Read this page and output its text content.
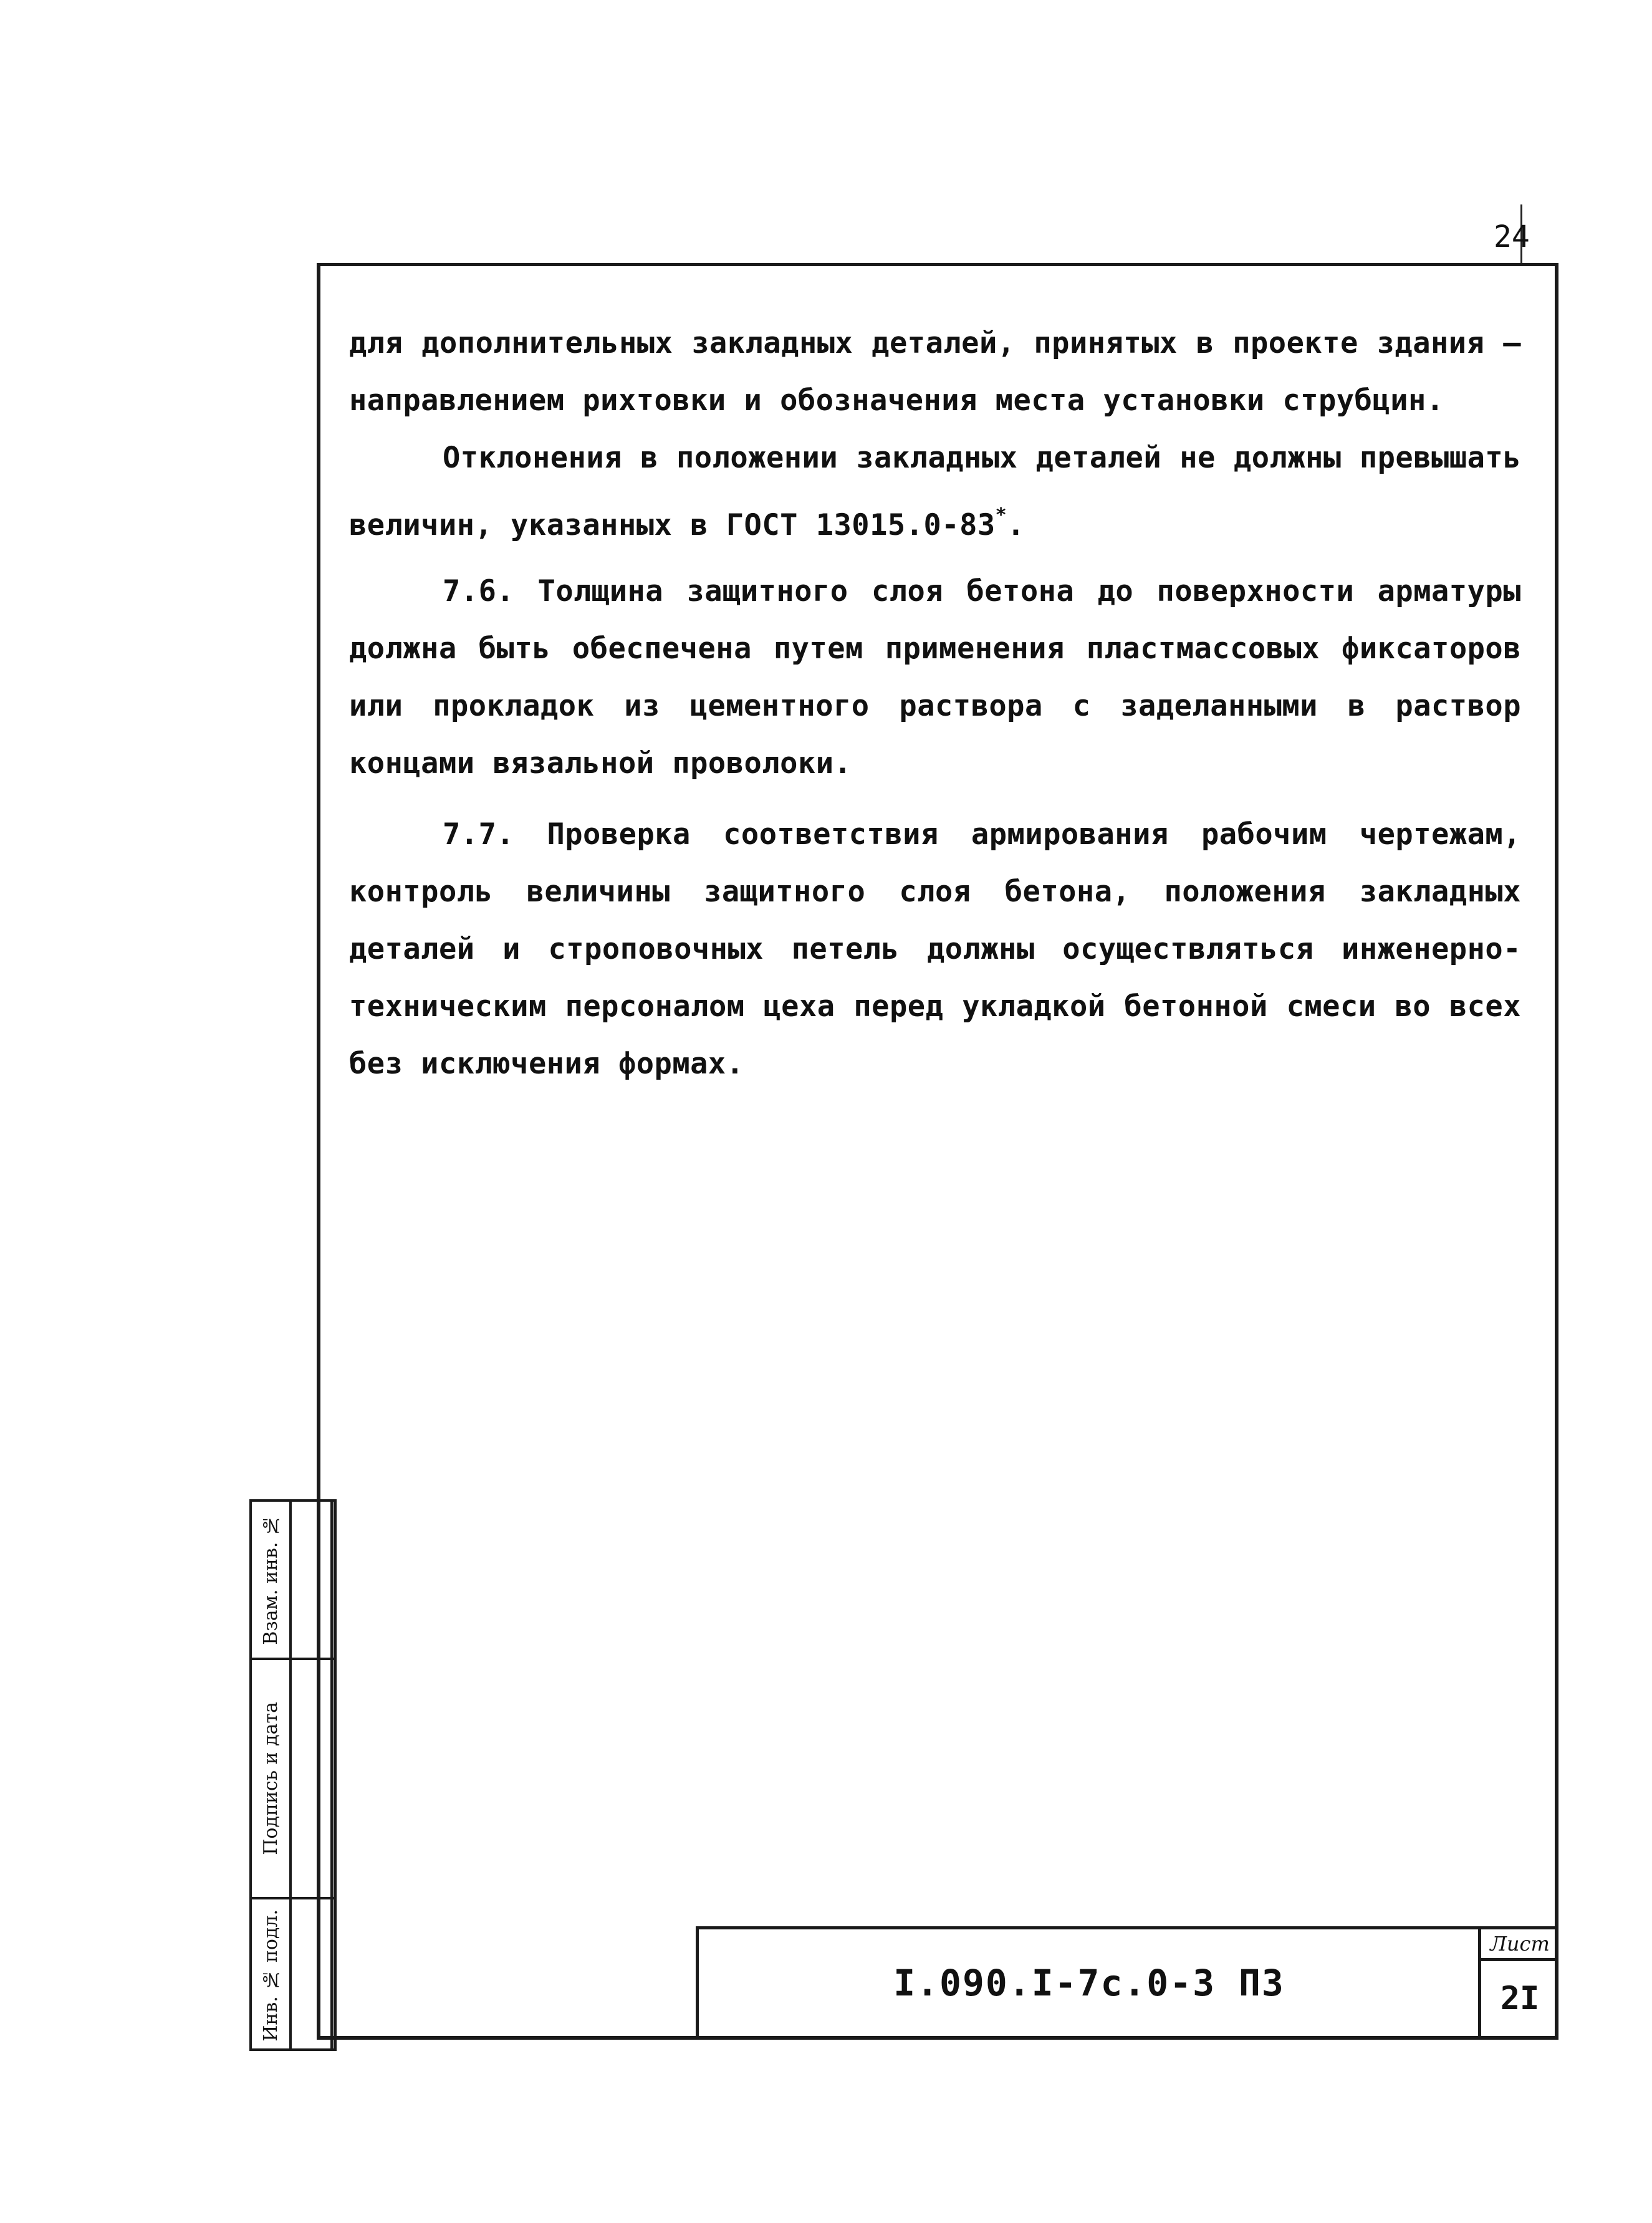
24

для дополнительных закладных деталей, принятых в проекте здания – направлением рихтовки и обозначения места установки струбцин.

Отклонения в положении закладных деталей не должны превышать величин, указанных в ГОСТ 13015.0-83*.

7.6. Толщина защитного слоя бетона до поверхности арматуры должна быть обеспечена путем применения пластмассовых фиксаторов или прокладок из цементного раствора с заделанными в раствор концами вязальной проволоки.

7.7. Проверка соответствия армирования рабочим чертежам, контроль величины защитного слоя бетона, положения закладных деталей и строповочных петель должны осуществляться инженерно-техническим персоналом цеха перед укладкой бетонной смеси во всех без исключения формах.

Взам. инв. №
Подпись и дата
Инв. № подл.	I.090.I-7с.0-3 ПЗ
Лист
2I
